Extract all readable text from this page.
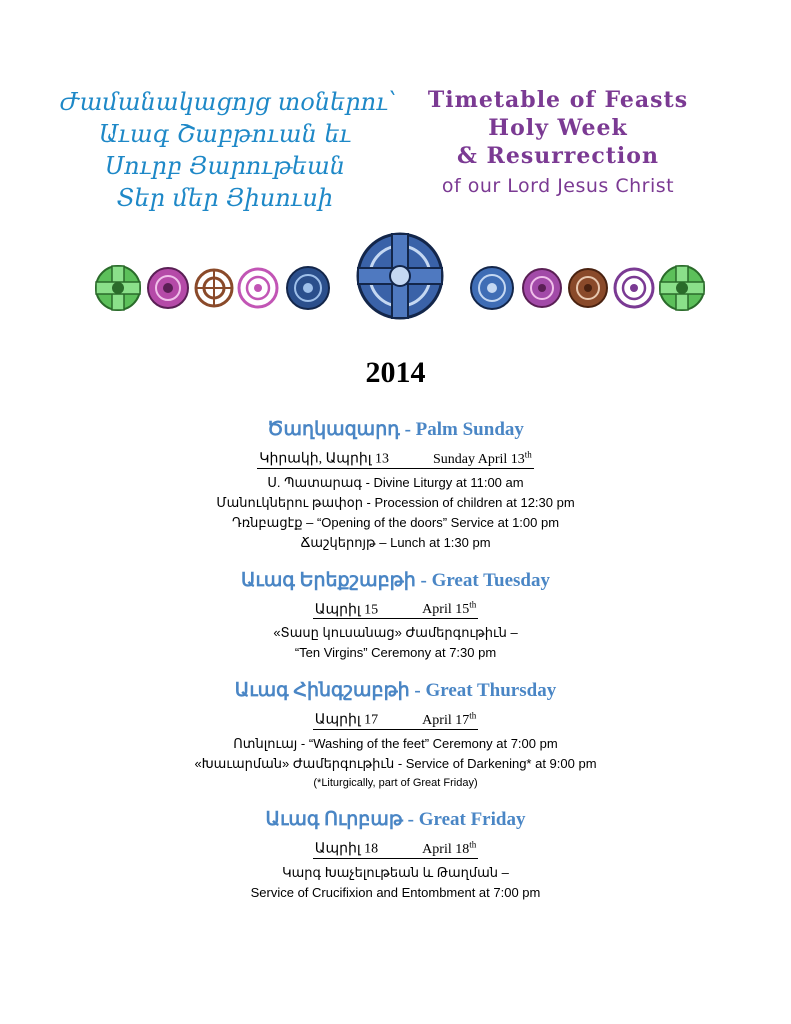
Ժամանակացոյց տօներու՝
Աւագ Շաբթուան եւ
Սուրբ Յարութեան
Տեր մեր Յիսուսի
Timetable of Feasts
Holy Week
& Resurrection
of our Lord Jesus Christ
2014
Ծաղկազարդ - Palm Sunday
Կիրակի, Ապրիլ 13	Sunday April 13th
Ս. Պատարագ - Divine Liturgy at 11:00 am
Մանուկներու թափօր - Procession of children at 12:30 pm
Դռնբացէք – “Opening of the doors” Service at 1:00 pm
Ճաշկերոյթ – Lunch at 1:30 pm
Աւագ Երեքշաբթի - Great Tuesday
Ապրիլ 15	April 15th
«Տասը կուսանաց» Ժամերգութիւն –
“Ten Virgins” Ceremony at 7:30 pm
Աւագ Հինգշաբթի - Great Thursday
Ապրիլ 17	April 17th
Ոտնլուայ - “Washing of the feet” Ceremony at 7:00 pm
«Խաւարման» Ժամերգութիւն - Service of Darkening* at 9:00 pm
(*Liturgically, part of Great Friday)
Աւագ Ուրբաթ - Great Friday
Ապրիլ 18	April 18th
Կարգ Խաչելութեան և Թաղման –
Service of Crucifixion and Entombment at 7:00 pm
